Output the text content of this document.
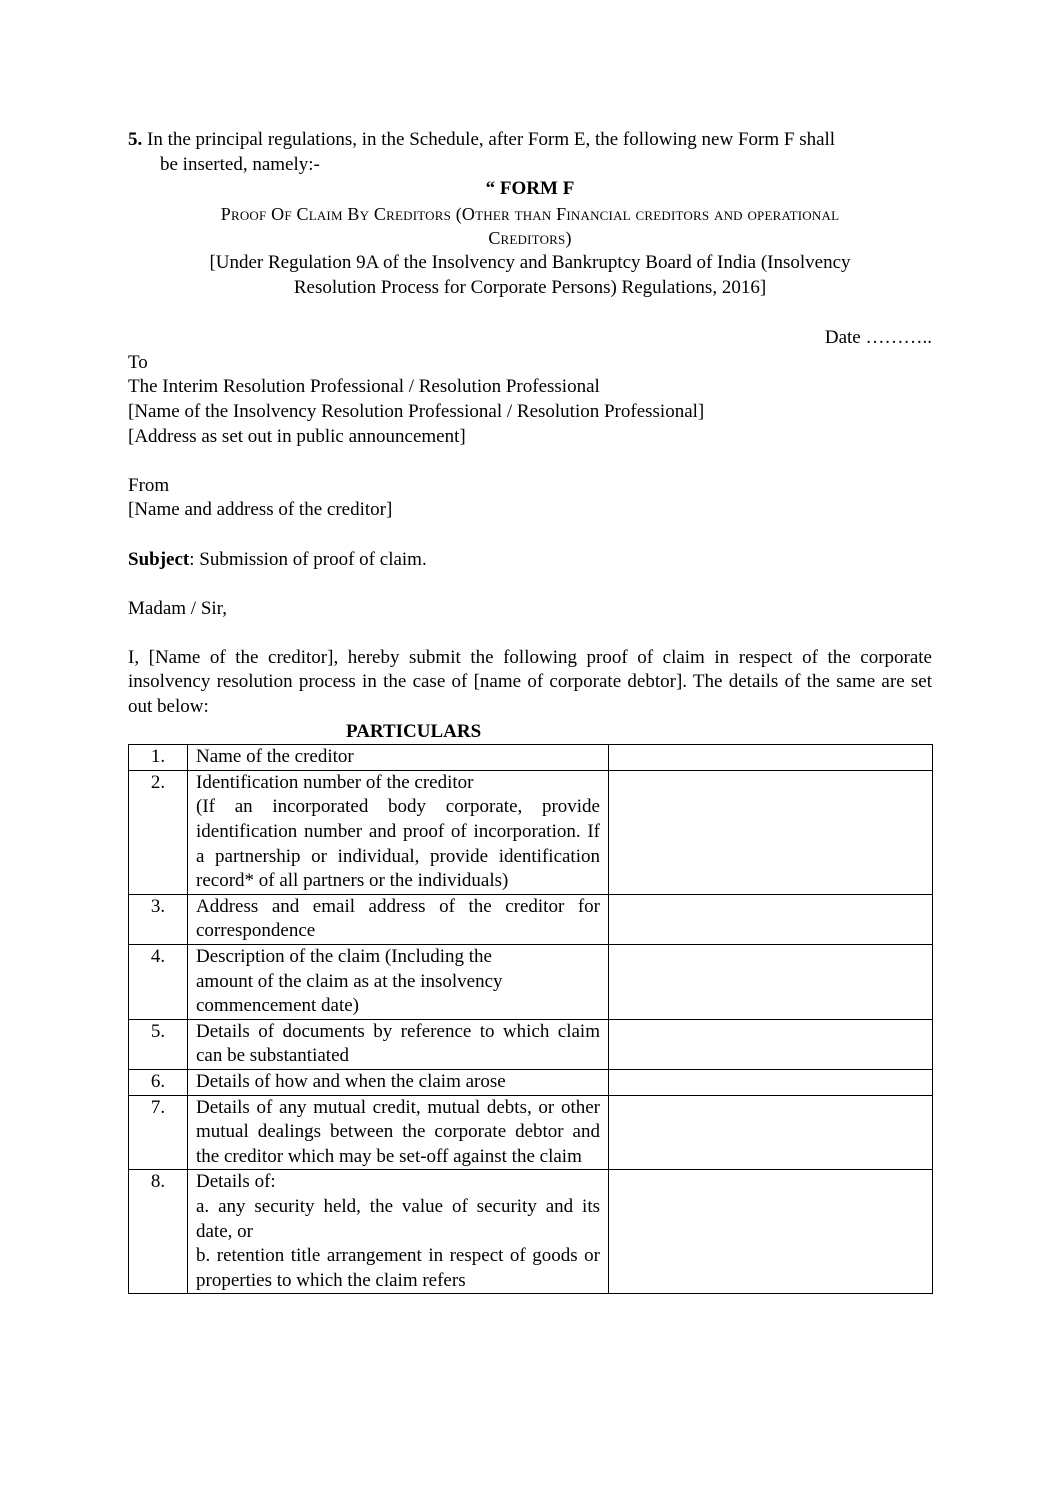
5. In the principal regulations, in the Schedule, after Form E, the following new Form F shall
be inserted, namely:-
“ FORM F
Proof Of Claim By Creditors (Other than Financial creditors and operational
Creditors)
[Under Regulation 9A of the Insolvency and Bankruptcy Board of India (Insolvency
Resolution Process for Corporate Persons) Regulations, 2016]
Date ………..
To
The Interim Resolution Professional / Resolution Professional
[Name of the Insolvency Resolution Professional / Resolution Professional]
[Address as set out in public announcement]
From
[Name and address of the creditor]
Subject: Submission of proof of claim.
Madam / Sir,
I, [Name of the creditor], hereby submit the following proof of claim in respect of the corporate insolvency resolution process in the case of [name of corporate debtor]. The details of the same are set out below:
PARTICULARS
1.	Name of the creditor	

2.	Identification number of the creditor
(If an incorporated body corporate, provide identification number and proof of incorporation. If a partnership or individual, provide identification record* of all partners or the individuals)	

3.	Address and email address of the creditor for correspondence	

4.	Description of the claim (Including the
amount of the claim as at the insolvency
commencement date)	

5.	Details of documents by reference to which claim can be substantiated	

6.	Details of how and when the claim arose	

7.	Details of any mutual credit, mutual debts, or other mutual dealings between the corporate debtor and the creditor which may be set-off against the claim	

8.	Details of:
a. any security held, the value of security and its date, or
b. retention title arrangement in respect of goods or properties to which the claim refers	
